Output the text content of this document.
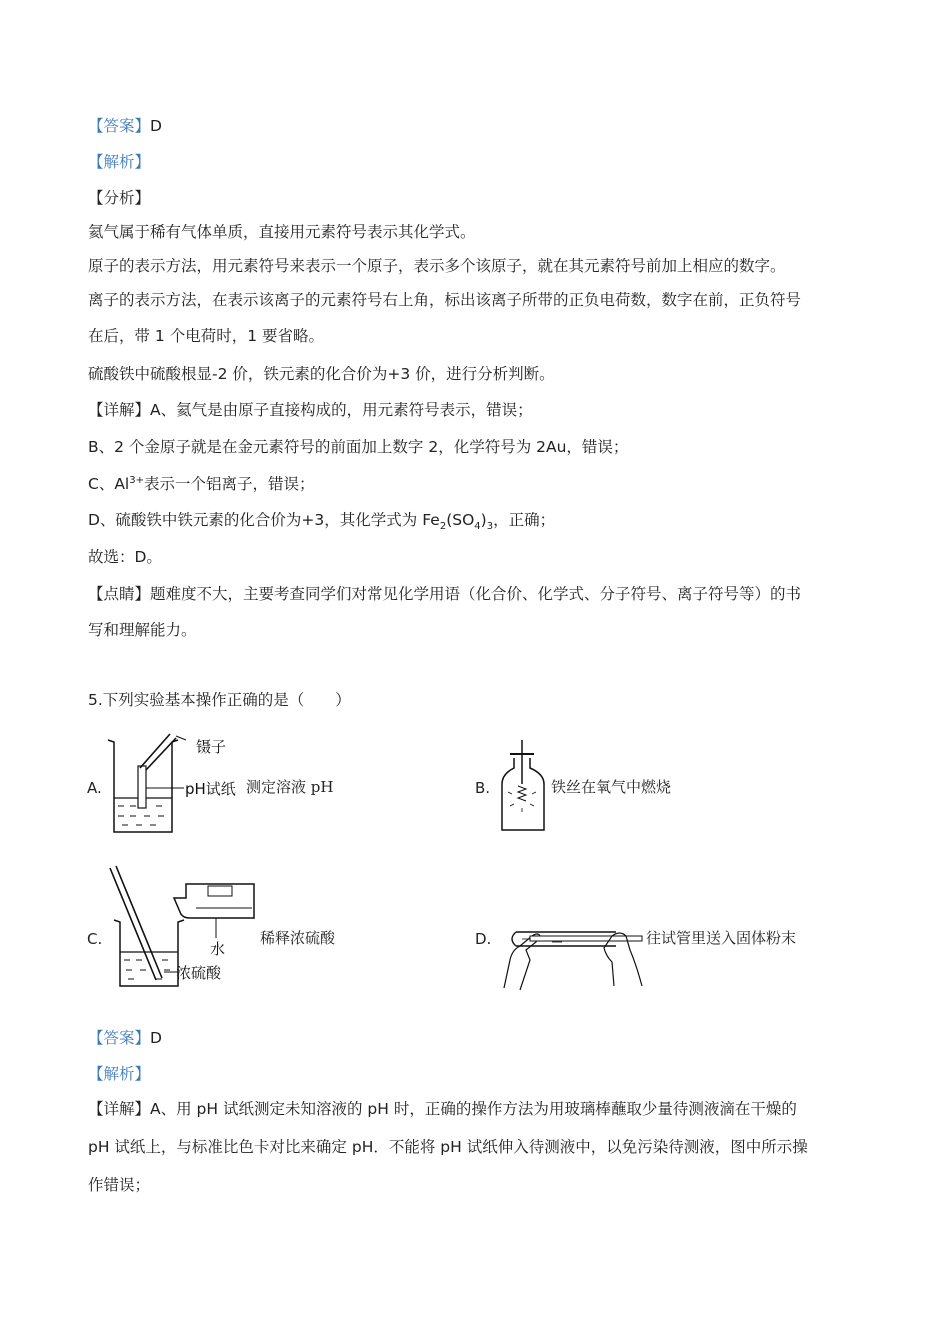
【答案】D
【解析】
【分析】
氦气属于稀有气体单质，直接用元素符号表示其化学式。
原子的表示方法，用元素符号来表示一个原子，表示多个该原子，就在其元素符号前加上相应的数字。
离子的表示方法，在表示该离子的元素符号右上角，标出该离子所带的正负电荷数，数字在前，正负符号
在后，带 1 个电荷时，1 要省略。
硫酸铁中硫酸根显-2 价，铁元素的化合价为+3 价，进行分析判断。
【详解】A、氦气是由原子直接构成的，用元素符号表示，错误；
B、2 个金原子就是在金元素符号的前面加上数字 2，化学符号为 2Au，错误；
C、$Al^{3+}$表示一个铝离子，错误；
D、硫酸铁中铁元素的化合价为+3，其化学式为 $Fe_2(SO_4)_3$，正确；
故选：D。
【点睛】题难度不大，主要考查同学们对常见化学用语（化合价、化学式、分子符号、离子符号等）的书
写和理解能力。
5.下列实验基本操作正确的是（　　）
A.
镊子
pH试纸 测定溶液 pH	B.	铁丝在氧气中燃烧
C.
水
浓硫酸
稀释浓硫酸	D.	往试管里送入固体粉末
【答案】D
【解析】
【详解】A、用 pH 试纸测定未知溶液的 pH 时，正确的操作方法为用玻璃棒蘸取少量待测液滴在干燥的
pH 试纸上，与标准比色卡对比来确定 pH．不能将 pH 试纸伸入待测液中，以免污染待测液，图中所示操
作错误；
